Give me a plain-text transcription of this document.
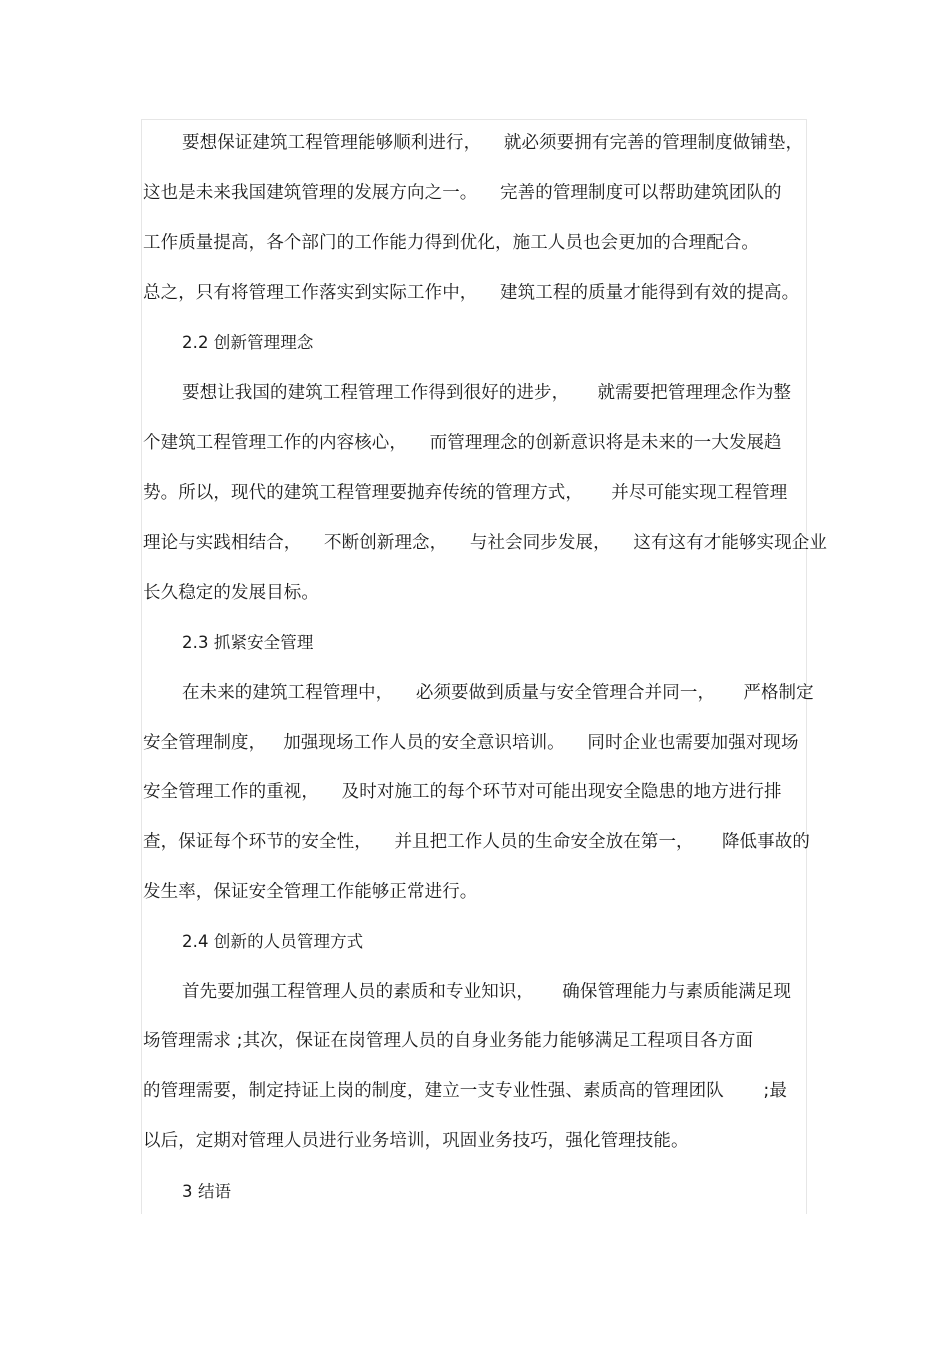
要想保证建筑工程管理能够顺利进行，    就必须要拥有完善的管理制度做铺垫，
这也是未来我国建筑管理的发展方向之一。    完善的管理制度可以帮助建筑团队的
工作质量提高，各个部门的工作能力得到优化，施工人员也会更加的合理配合。
总之，只有将管理工作落实到实际工作中，    建筑工程的质量才能得到有效的提高。
2.2 创新管理理念
要想让我国的建筑工程管理工作得到很好的进步，     就需要把管理理念作为整
个建筑工程管理工作的内容核心，    而管理理念的创新意识将是未来的一大发展趋
势。所以，现代的建筑工程管理要抛弃传统的管理方式，     并尽可能实现工程管理
理论与实践相结合，    不断创新理念，    与社会同步发展，    这有这有才能够实现企业
长久稳定的发展目标。
2.3 抓紧安全管理
在未来的建筑工程管理中，    必须要做到质量与安全管理合并同一，     严格制定
安全管理制度，   加强现场工作人员的安全意识培训。    同时企业也需要加强对现场
安全管理工作的重视，    及时对施工的每个环节对可能出现安全隐患的地方进行排
查，保证每个环节的安全性，    并且把工作人员的生命安全放在第一，     降低事故的
发生率，保证安全管理工作能够正常进行。
2.4 创新的人员管理方式
首先要加强工程管理人员的素质和专业知识，     确保管理能力与素质能满足现
场管理需求 ;其次，保证在岗管理人员的自身业务能力能够满足工程项目各方面
的管理需要，制定持证上岗的制度，建立一支专业性强、素质高的管理团队       ;最
以后，定期对管理人员进行业务培训，巩固业务技巧，强化管理技能。
3 结语
